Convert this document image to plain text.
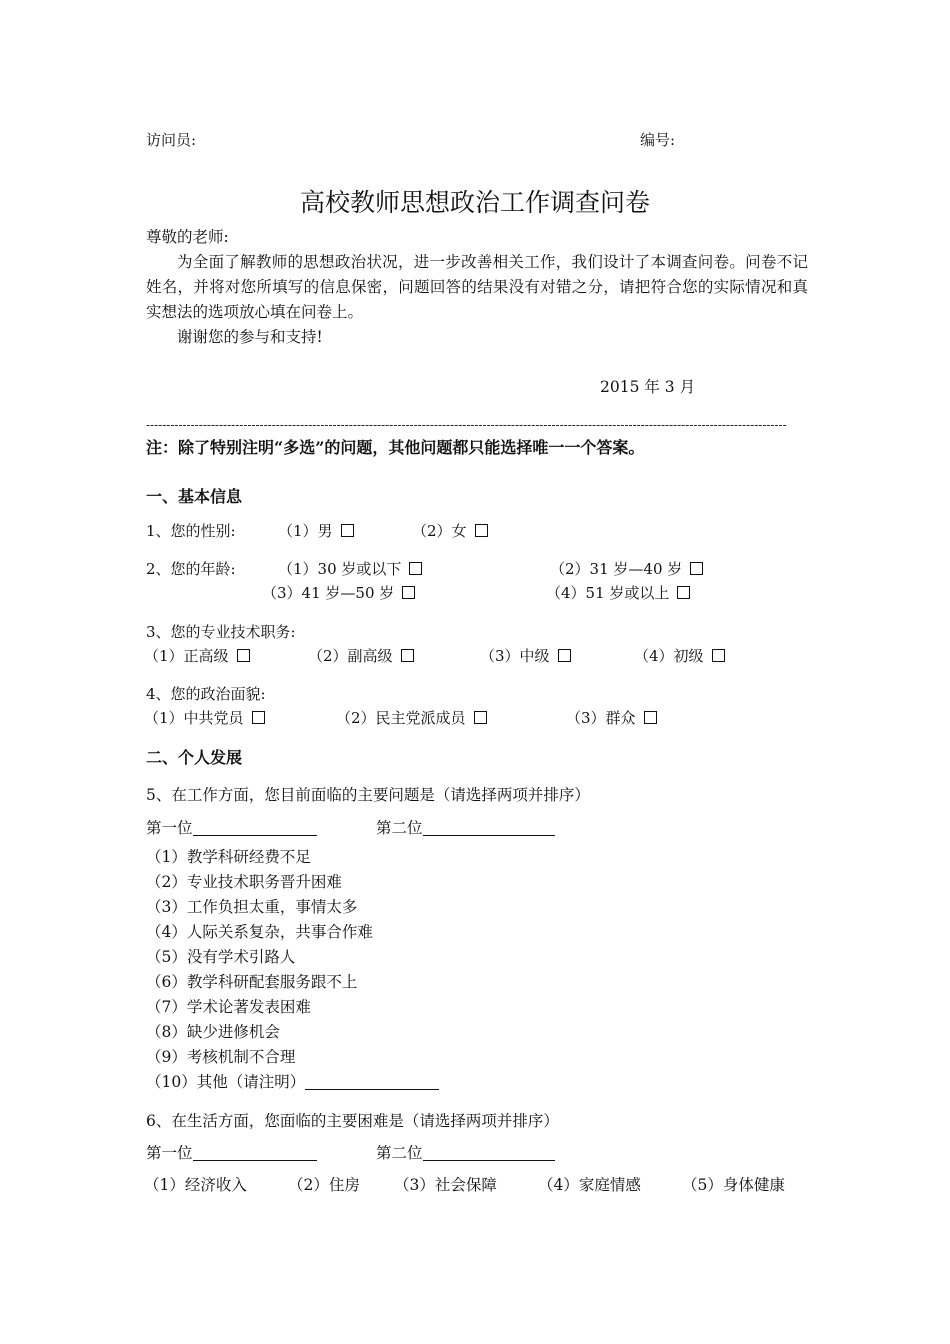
访问员:	编号:
高校教师思想政治工作调查问卷
尊敬的老师:

为全面了解教师的思想政治状况，进一步改善相关工作，我们设计了本调查问卷。问卷不记姓名，并将对您所填写的信息保密，问题回答的结果没有对错之分，请把符合您的实际情况和真实想法的选项放心填在问卷上。

谢谢您的参与和支持!

2015 年 3 月
--------------------------------------------------------------------------------------------------------------------------------------------------------------
注：除了特别注明“多选”的问题，其他问题都只能选择唯一一个答案。
一、基本信息
1、您的性别:	（1）男	（2）女
2、您的年龄:	（1）30 岁或以下	（2）31 岁—40 岁
（3）41 岁—50 岁	（4）51 岁或以上
3、您的专业技术职务:
（1）正高级	（2）副高级	（3）中级	（4）初级
4、您的政治面貌:
（1）中共党员	（2）民主党派成员	（3）群众
二、个人发展
5、在工作方面，您目前面临的主要问题是（请选择两项并排序）
第一位	第二位
（1）教学科研经费不足
（2）专业技术职务晋升困难
（3）工作负担太重，事情太多
（4）人际关系复杂，共事合作难
（5）没有学术引路人
（6）教学科研配套服务跟不上
（7）学术论著发表困难
（8）缺少进修机会
（9）考核机制不合理
（10）其他（请注明）
6、在生活方面，您面临的主要困难是（请选择两项并排序）
第一位	第二位
（1）经济收入	（2）住房 （3）社会保障	（4）家庭情感	（5）身体健康
